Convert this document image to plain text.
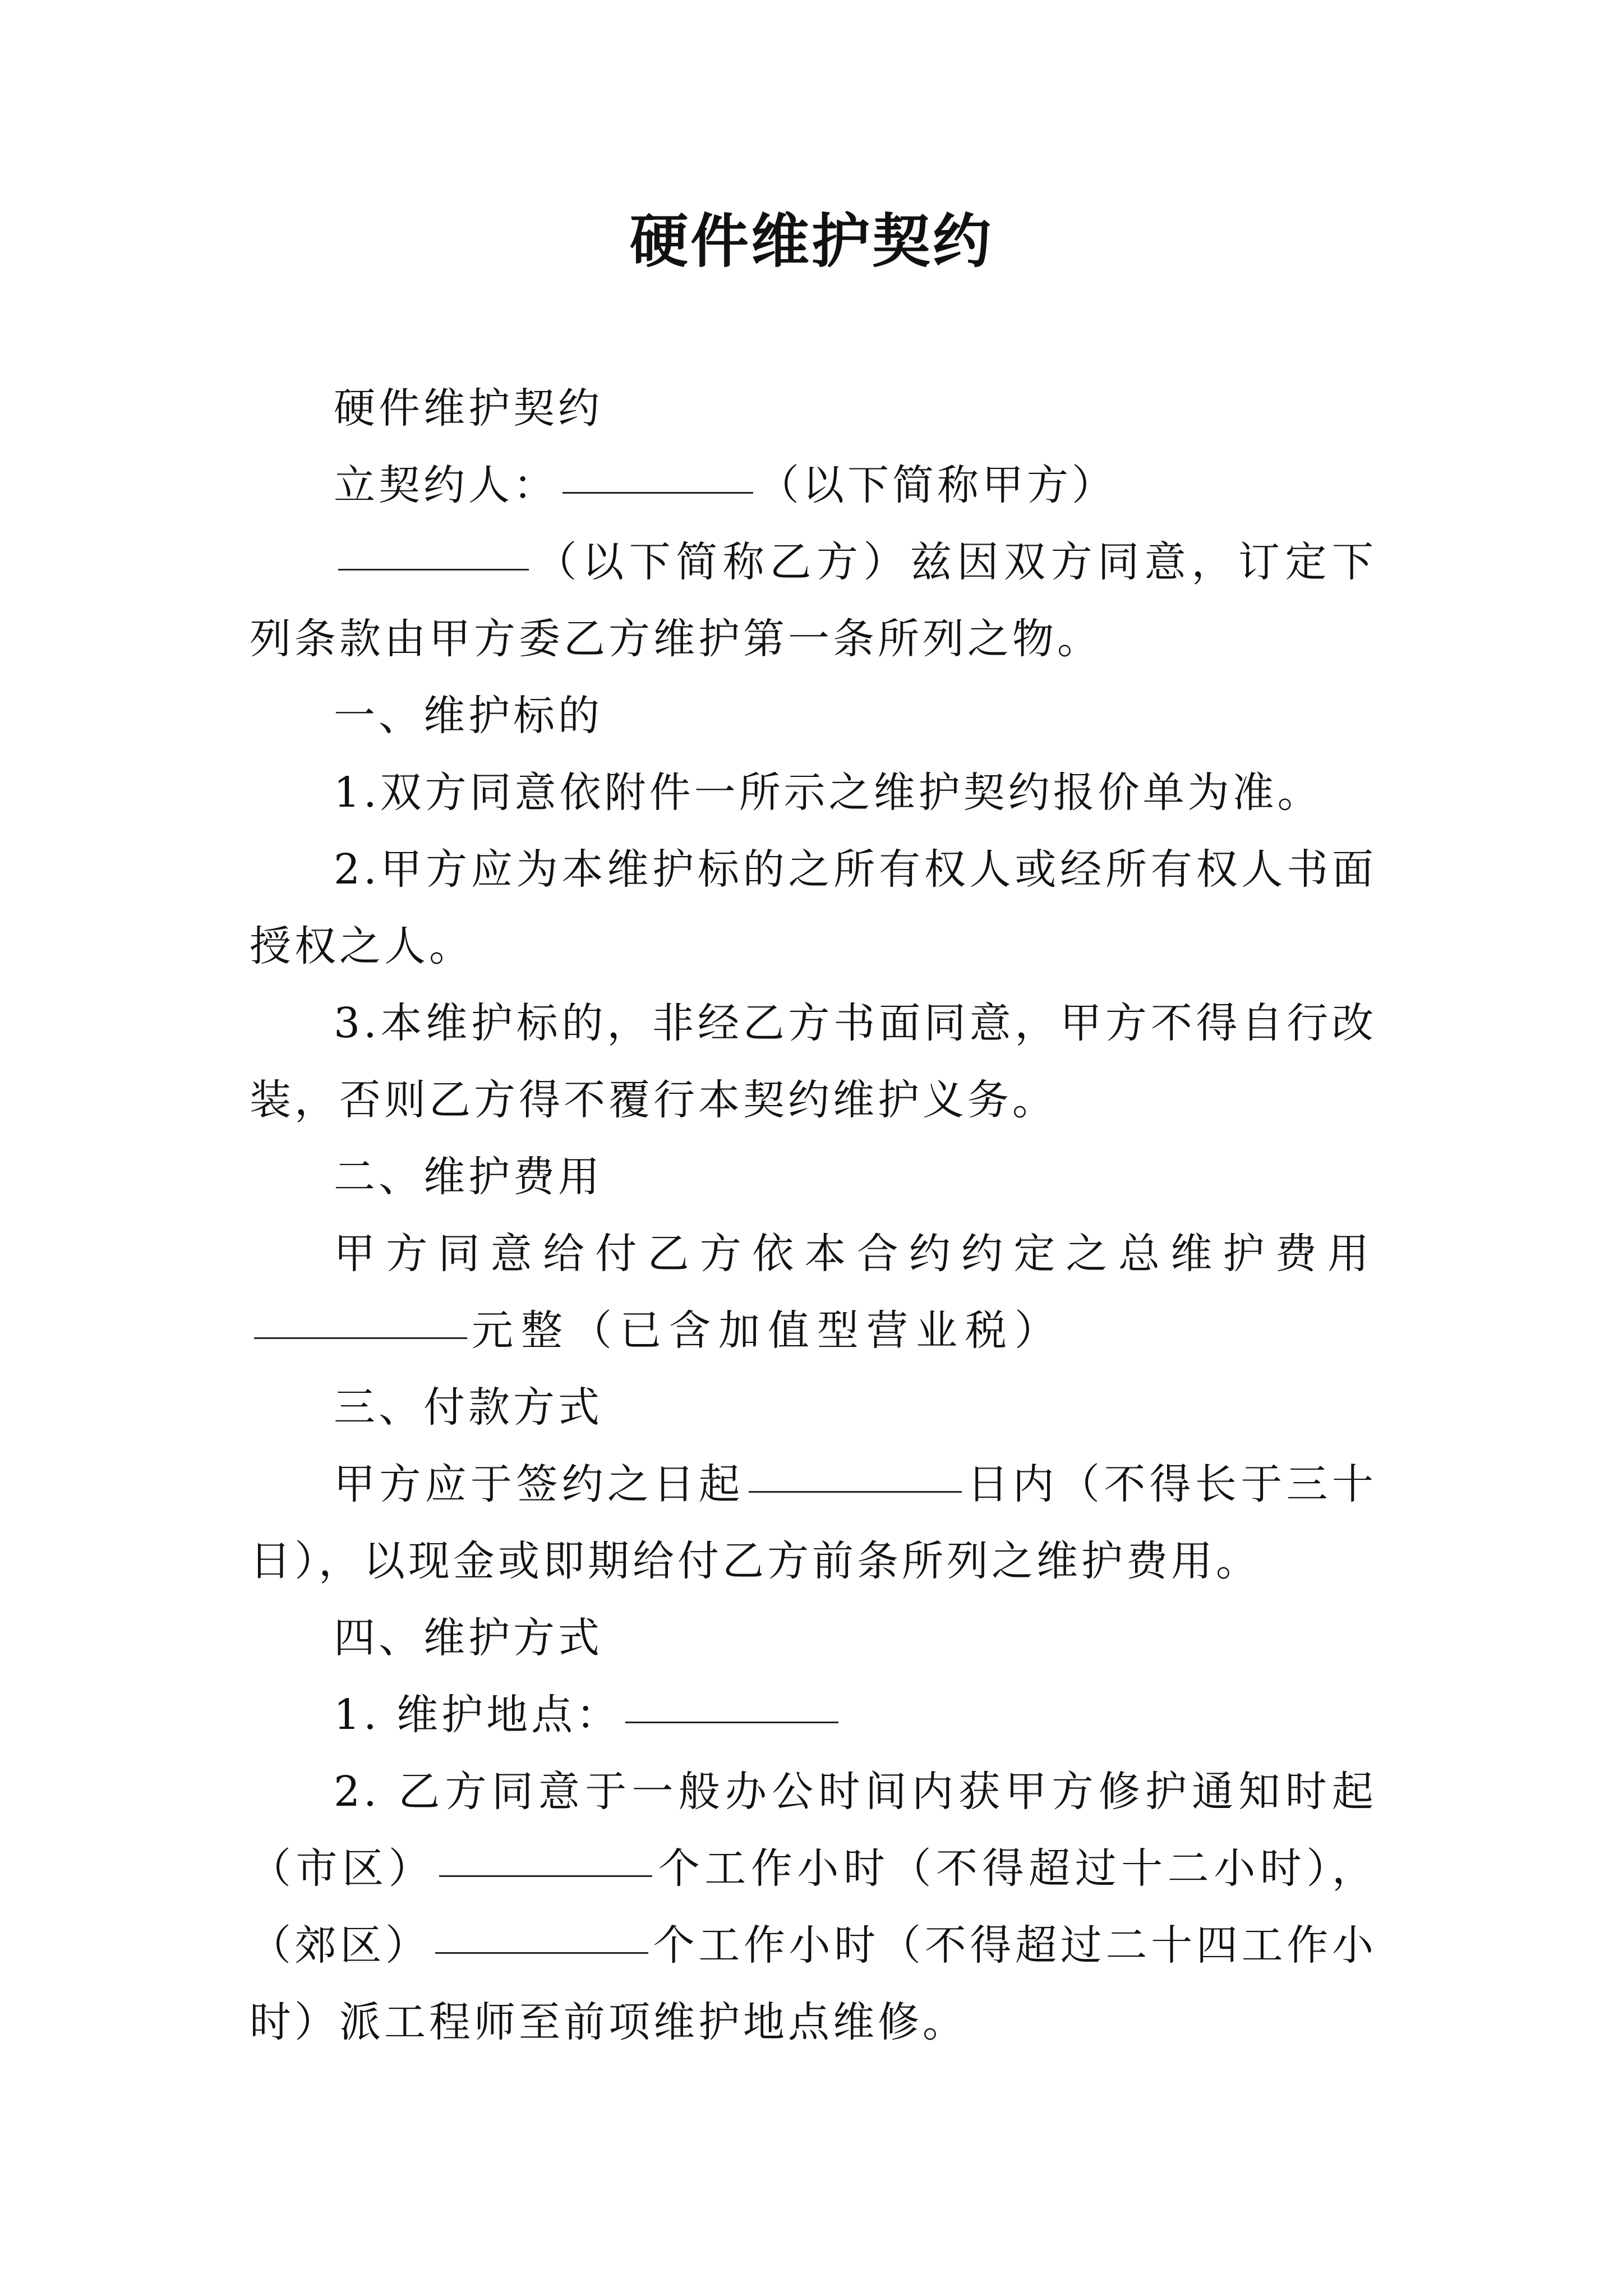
硬件维护契约

硬件维护契约

立契约人：	（以下简称甲方）

（以下简称乙方）兹因双方同意，订定下列条款由甲方委乙方维护第一条所列之物。

一、维护标的

1.双方同意依附件一所示之维护契约报价单为准。

2.甲方应为本维护标的之所有权人或经所有权人书面授权之人。

3.本维护标的，非经乙方书面同意，甲方不得自行改装，否则乙方得不覆行本契约维护义务。

二、维护费用

甲方同意给付乙方依本合约约定之总维护费用元整（已含加值型营业税）

三、付款方式

甲方应于签约之日起	日内（不得长于三十日），以现金或即期给付乙方前条所列之维护费用。

四、维护方式

1. 维护地点：

2. 乙方同意于一般办公时间内获甲方修护通知时起（市区）	个工作小时（不得超过十二小时），（郊区）	个工作小时（不得超过二十四工作小时）派工程师至前项维护地点维修。
